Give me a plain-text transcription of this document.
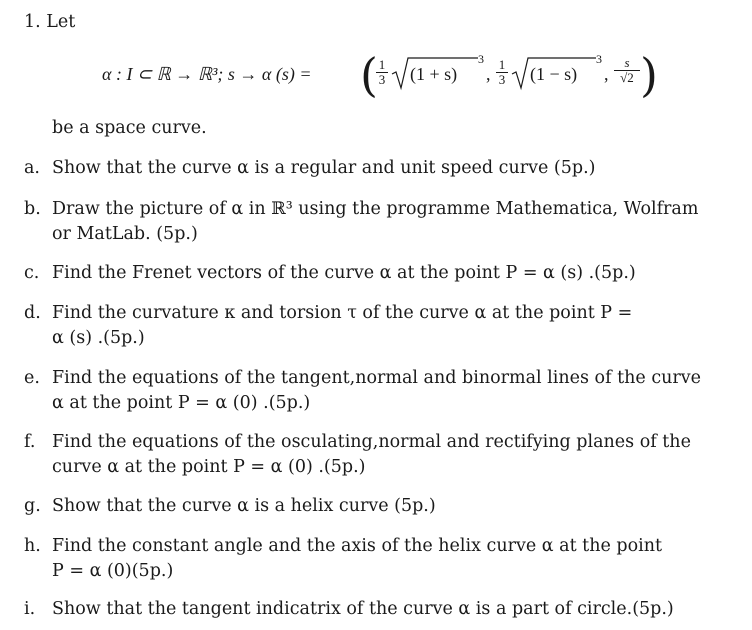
1. Let
α : I ⊂ ℝ → ℝ³; s → α (s) = ( 1
3 (1 + s)
3
, 1
3 (1 − s)
3
,
s
√2 )
be a space curve.
a. Show that the curve α is a regular and unit speed curve (5p.)
b. Draw the picture of α in ℝ³ using the programme Mathematica, Wolfram
or MatLab. (5p.)
c. Find the Frenet vectors of the curve α at the point P = α (s) .(5p.)
d. Find the curvature κ and torsion τ of the curve α at the point P =
α (s) .(5p.)
e. Find the equations of the tangent,normal and binormal lines of the curve
α at the point P = α (0) .(5p.)
f. Find the equations of the osculating,normal and rectifying planes of the
curve α at the point P = α (0) .(5p.)
g. Show that the curve α is a helix curve (5p.)
h. Find the constant angle and the axis of the helix curve α at the point
P = α (0)(5p.)
i. Show that the tangent indicatrix of the curve α is a part of circle.(5p.)
